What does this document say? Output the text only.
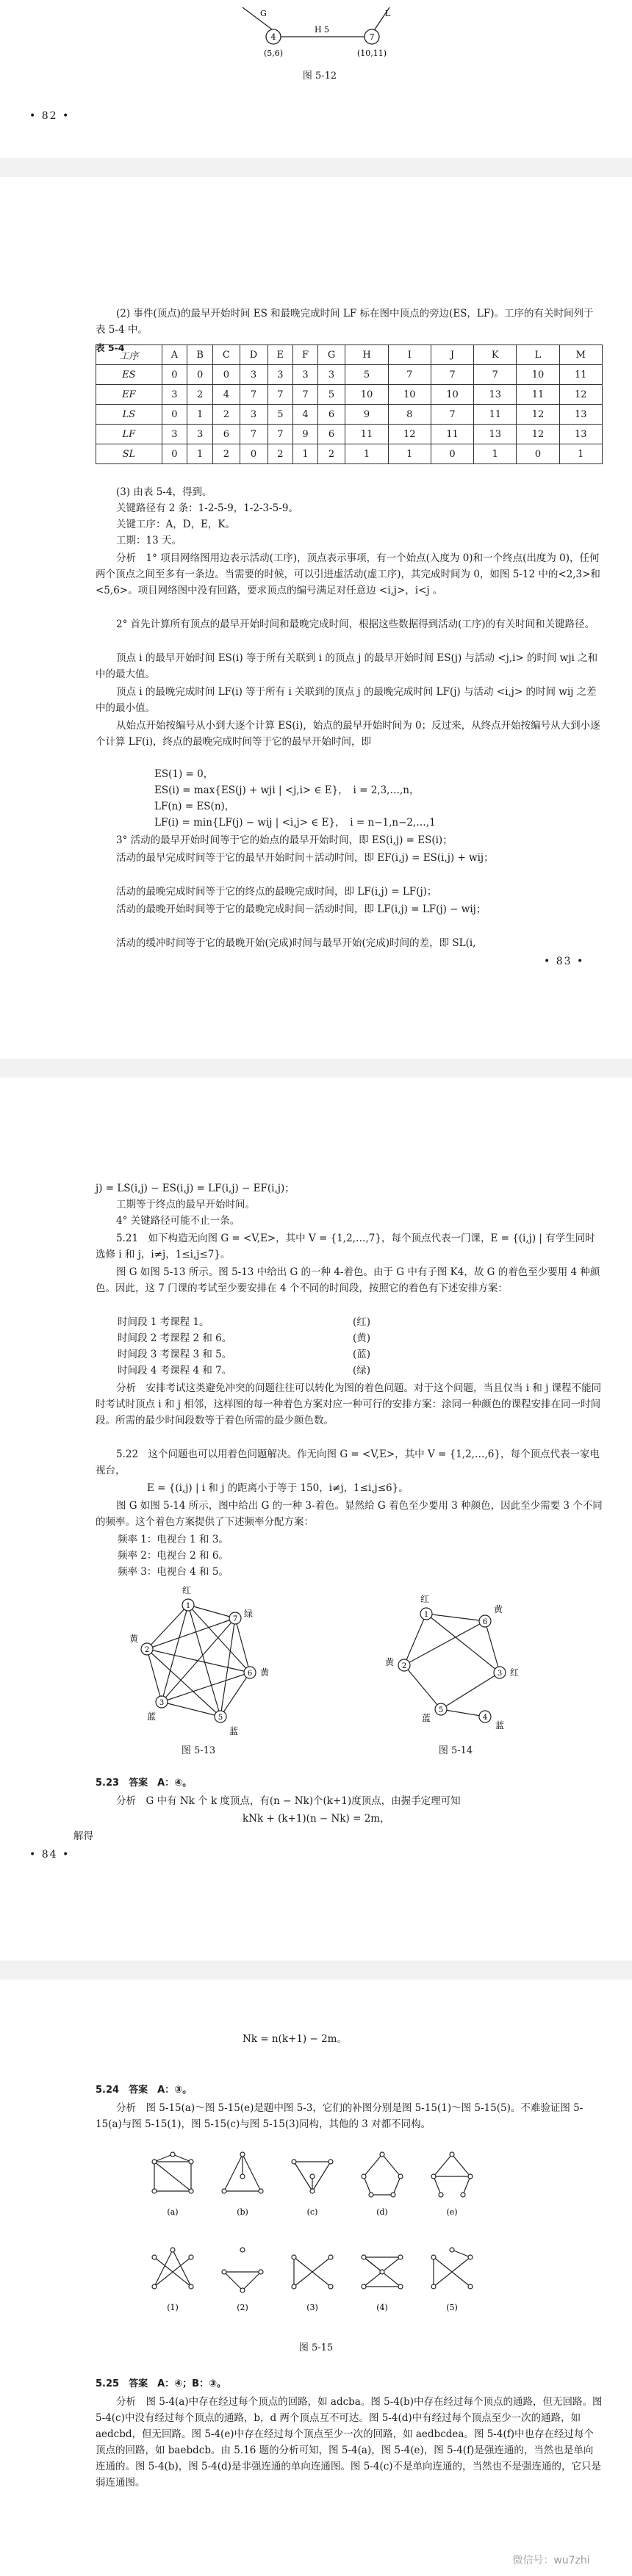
4	7
G	L
H 5
(5,6)	(10,11)
图 5-12
• 82 •
(2) 事件(顶点)的最早开始时间 ES 和最晚完成时间 LF 标在图中顶点的旁边(ES，LF)。工序的有关时间列于表 5-4 中。
表 5-4
工序	A	B	C	D	E	F	G	H	I	J	K	L	M
ES	0	0	0	3	3	3	3	5	7	7	7	10	11
EF	3	2	4	7	7	7	5	10	10	10	13	11	12
LS	0	1	2	3	5	4	6	9	8	7	11	12	13
LF	3	3	6	7	7	9	6	11	12	11	13	12	13
SL	0	1	2	0	2	1	2	1	1	0	1	0	1
(3) 由表 5-4，得到。
关键路径有 2 条：1-2-5-9，1-2-3-5-9。
关键工序：A，D，E，K。
工期：13 天。
分析　1° 项目网络图用边表示活动(工序)，顶点表示事项，有一个始点(入度为 0)和一个终点(出度为 0)，任何两个顶点之间至多有一条边。当需要的时候，可以引进虚活动(虚工序)，其完成时间为 0，如图 5-12 中的<2,3>和<5,6>。项目网络图中没有回路，要求顶点的编号满足对任意边 <i,j>，i<j 。
2° 首先计算所有顶点的最早开始时间和最晚完成时间，根据这些数据得到活动(工序)的有关时间和关键路径。
顶点 i 的最早开始时间 ES(i) 等于所有关联到 i 的顶点 j 的最早开始时间 ES(j) 与活动 <j,i> 的时间 wji 之和中的最大值。
顶点 i 的最晚完成时间 LF(i) 等于所有 i 关联到的顶点 j 的最晚完成时间 LF(j) 与活动 <i,j> 的时间 wij 之差中的最小值。
从始点开始按编号从小到大逐个计算 ES(i)，始点的最早开始时间为 0；反过来，从终点开始按编号从大到小逐个计算 LF(i)，终点的最晚完成时间等于它的最早开始时间，即
ES(1) = 0，
ES(i) = max{ES(j) + wji | <j,i> ∈ E}，　i = 2,3,…,n，
LF(n) = ES(n)，
LF(i) = min{LF(j) − wij | <i,j> ∈ E}，　i = n−1,n−2,…,1
3° 活动的最早开始时间等于它的始点的最早开始时间，即 ES(i,j) = ES(i)；
活动的最早完成时间等于它的最早开始时间＋活动时间，即 EF(i,j) = ES(i,j) + wij；
活动的最晚完成时间等于它的终点的最晚完成时间，即 LF(i,j) = LF(j)；
活动的最晚开始时间等于它的最晚完成时间－活动时间，即 LF(i,j) = LF(j) − wij；
活动的缓冲时间等于它的最晚开始(完成)时间与最早开始(完成)时间的差，即 SL(i,
• 83 •
j) = LS(i,j) − ES(i,j) = LF(i,j) − EF(i,j)；
工期等于终点的最早开始时间。
4° 关键路径可能不止一条。
5.21　如下构造无向图 G = <V,E>，其中 V = {1,2,…,7}，每个顶点代表一门课，E = {(i,j) | 有学生同时选修 i 和 j，i≠j，1≤i,j≤7}。
图 G 如图 5-13 所示。图 5-13 中给出 G 的一种 4-着色。由于 G 中有子图 K4，故 G 的着色至少要用 4 种颜色。因此，这 7 门课的考试至少要安排在 4 个不同的时间段，按照它的着色有下述安排方案：
时间段 1 考课程 1。	(红)
时间段 2 考课程 2 和 6。	(黄)
时间段 3 考课程 3 和 5。	(蓝)
时间段 4 考课程 4 和 7。	(绿)
分析　安排考试这类避免冲突的问题往往可以转化为图的着色问题。对于这个问题，当且仅当 i 和 j 课程不能同时考试时顶点 i 和 j 相邻，这样图的每一种着色方案对应一种可行的安排方案：涂同一种颜色的课程安排在同一时间段。所需的最少时间段数等于着色所需的最少颜色数。
5.22　这个问题也可以用着色问题解决。作无向图 G = <V,E>，其中 V = {1,2,…,6}，每个顶点代表一家电视台，
E = {(i,j) | i 和 j 的距离小于等于 150，i≠j，1≤i,j≤6}。
图 G 如图 5-14 所示，图中给出 G 的一种 3-着色。显然给 G 着色至少要用 3 种颜色，因此至少需要 3 个不同的频率。这个着色方案提供了下述频率分配方案：
频率 1：电视台 1 和 3。
频率 2：电视台 2 和 6。
频率 3：电视台 4 和 5。
1
7
2
6
3
5
红
绿
黄
黄
蓝
蓝
图 5-13
1
6
2
3
5
4
红
黄
黄
红
蓝
蓝
图 5-14
5.23　答案　A：④。
分析　G 中有 Nk 个 k 度顶点，有(n − Nk)个(k+1)度顶点，由握手定理可知
kNk + (k+1)(n − Nk) = 2m，
解得
• 84 •
Nk = n(k+1) − 2m。
5.24　答案　A：③。
分析　图 5-15(a)～图 5-15(e)是题中图 5-3，它们的补图分别是图 5-15(1)～图 5-15(5)。不难验证图 5-15(a)与图 5-15(1)，图 5-15(c)与图 5-15(3)同构，其他的 3 对都不同构。
(a)	(b)	(c)	(d)	(e)
(1)	(2)	(3)	(4)	(5)
图 5-15
5.25　答案　A：④；B：③。
分析　图 5-4(a)中存在经过每个顶点的回路，如 adcba。图 5-4(b)中存在经过每个顶点的通路，但无回路。图 5-4(c)中没有经过每个顶点的通路，b，d 两个顶点互不可达。图 5-4(d)中有经过每个顶点至少一次的通路，如 aedcbd，但无回路。图 5-4(e)中存在经过每个顶点至少一次的回路，如 aedbcdea。图 5-4(f)中也存在经过每个顶点的回路，如 baebdcb。由 5.16 题的分析可知，图 5-4(a)，图 5-4(e)，图 5-4(f)是强连通的，当然也是单向连通的。图 5-4(b)，图 5-4(d)是非强连通的单向连通图。图 5-4(c)不是单向连通的，当然也不是强连通的，它只是弱连通图。
微信号：wu7zhi
